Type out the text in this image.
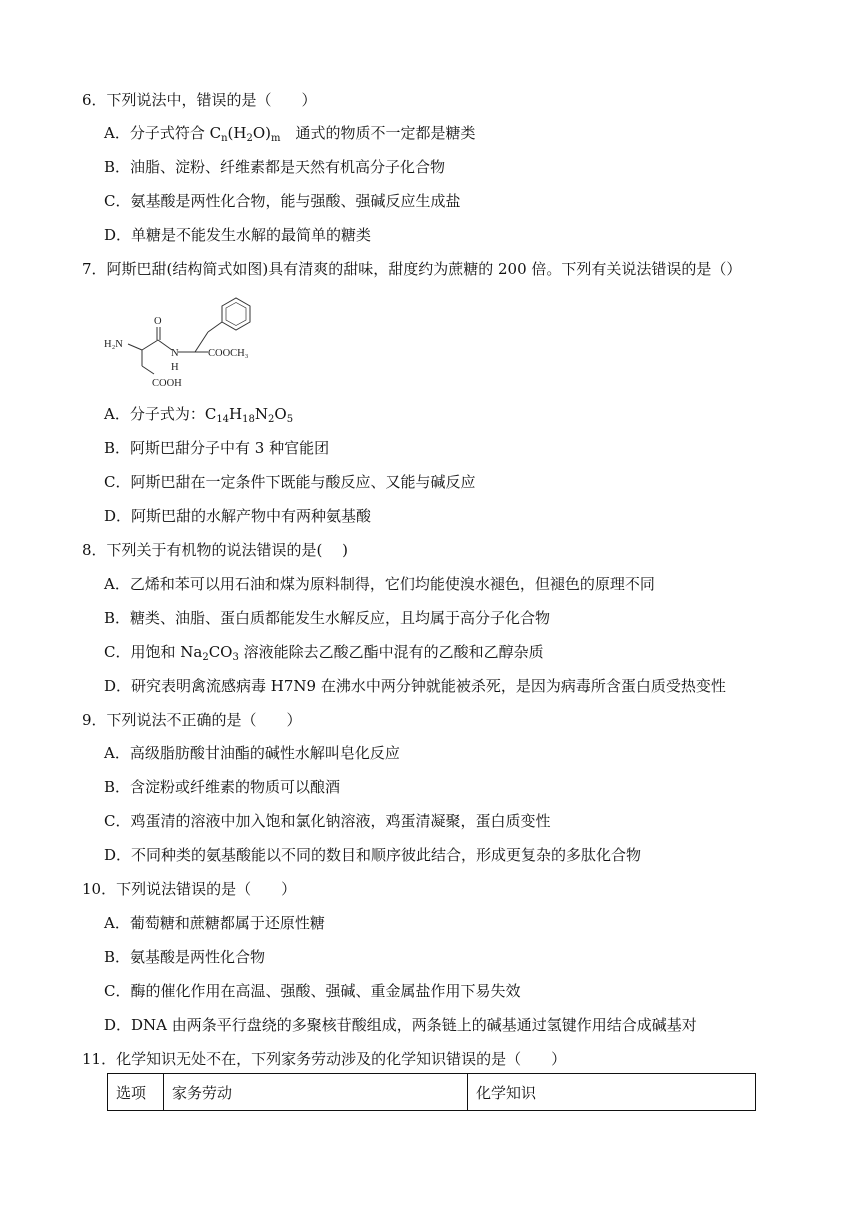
6．下列说法中，错误的是（　　）
A．分子式符合 $C_n(H_2O)_m$　通式的物质不一定都是糖类
B．油脂、淀粉、纤维素都是天然有机高分子化合物
C．氨基酸是两性化合物，能与强酸、强碱反应生成盐
D．单糖是不能发生水解的最简单的糖类
7．阿斯巴甜(结构简式如图)具有清爽的甜味，甜度约为蔗糖的 200 倍。下列有关说法错误的是（）
H₂N
O
N
H
COOCH₃
COOH
A．分子式为：$C_{14}H_{18}N_2O_5$
B．阿斯巴甜分子中有 3 种官能团
C．阿斯巴甜在一定条件下既能与酸反应、又能与碱反应
D．阿斯巴甜的水解产物中有两种氨基酸
8．下列关于有机物的说法错误的是(　 )
A．乙烯和苯可以用石油和煤为原料制得，它们均能使溴水褪色，但褪色的原理不同
B．糖类、油脂、蛋白质都能发生水解反应，且均属于高分子化合物
C．用饱和 $Na_2CO_3$ 溶液能除去乙酸乙酯中混有的乙酸和乙醇杂质
D．研究表明禽流感病毒 H7N9 在沸水中两分钟就能被杀死，是因为病毒所含蛋白质受热变性
9．下列说法不正确的是（　　）
A．高级脂肪酸甘油酯的碱性水解叫皂化反应
B．含淀粉或纤维素的物质可以酿酒
C．鸡蛋清的溶液中加入饱和氯化钠溶液，鸡蛋清凝聚，蛋白质变性
D．不同种类的氨基酸能以不同的数目和顺序彼此结合，形成更复杂的多肽化合物
10．下列说法错误的是（　　）
A．葡萄糖和蔗糖都属于还原性糖
B．氨基酸是两性化合物
C．酶的催化作用在高温、强酸、强碱、重金属盐作用下易失效
D．DNA 由两条平行盘绕的多聚核苷酸组成，两条链上的碱基通过氢键作用结合成碱基对
11．化学知识无处不在，下列家务劳动涉及的化学知识错误的是（　　）
选项	家务劳动	化学知识
